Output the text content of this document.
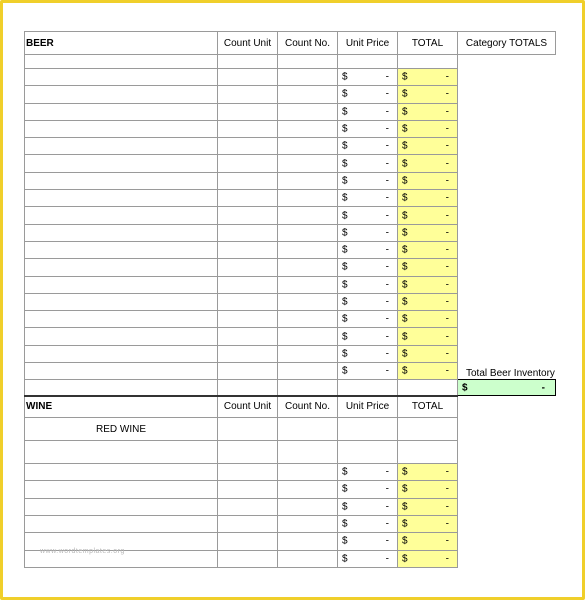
BEER	Count Unit	Count No.	Unit Price	TOTAL	Category TOTALS

			$ -	$ -	

			$ -	$ -	

			$ -	$ -	

			$ -	$ -	

			$ -	$ -	

			$ -	$ -	

			$ -	$ -	

			$ -	$ -	

			$ -	$ -	

			$ -	$ -	

			$ -	$ -	

			$ -	$ -	

			$ -	$ -	

			$ -	$ -	

			$ -	$ -	

			$ -	$ -	

			$ -	$ -	

			$ -	$ -	Total Beer Inventory

					$ -

WINE	Count Unit	Count No.	Unit Price	TOTAL	
RED WINE					

			$ -	$ -	

			$ -	$ -	

			$ -	$ -	

			$ -	$ -	

			$ -	$ -	

			$ -	$ -	

www.wordtemplates.org
